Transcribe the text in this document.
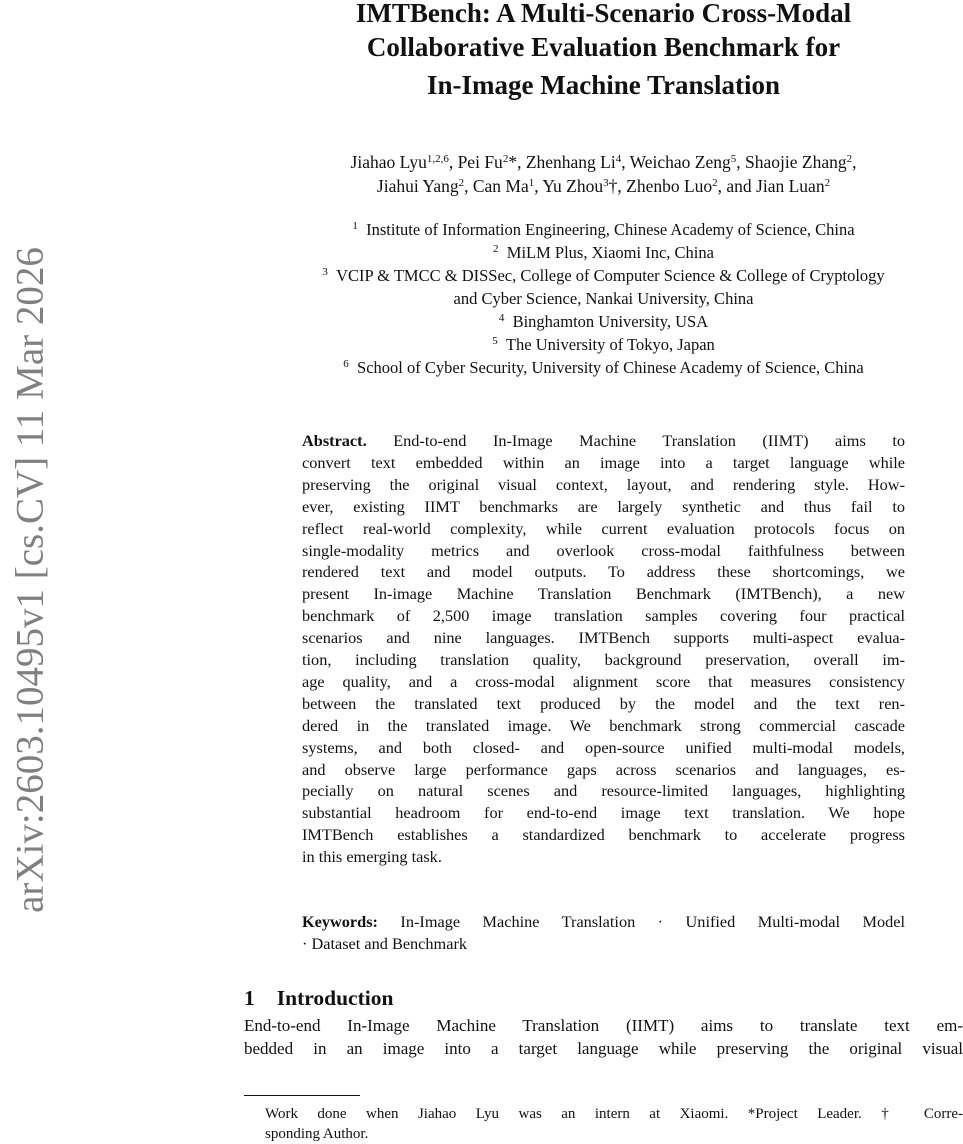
arXiv:2603.10495v1 [cs.CV] 11 Mar 2026
IMTBench: A Multi-Scenario Cross-Modal
Collaborative Evaluation Benchmark for
In-Image Machine Translation
Jiahao Lyu$^{1,2,6}$, Pei Fu$^2$*, Zhenhang Li$^4$, Weichao Zeng$^5$, Shaojie Zhang$^2$,
Jiahui Yang$^2$, Can Ma$^1$, Yu Zhou$^3$†, Zhenbo Luo$^2$, and Jian Luan$^2$
$^1$  Institute of Information Engineering, Chinese Academy of Science, China
$^2$  MiLM Plus, Xiaomi Inc, China
$^3$  VCIP & TMCC & DISSec, College of Computer Science & College of Cryptology
and Cyber Science, Nankai University, China
$^4$  Binghamton University, USA
$^5$  The University of Tokyo, Japan
$^6$  School of Cyber Security, University of Chinese Academy of Science, China
Abstract. End-to-end In-Image Machine Translation (IIMT) aims to
convert text embedded within an image into a target language while
preserving the original visual context, layout, and rendering style. How-
ever, existing IIMT benchmarks are largely synthetic and thus fail to
reflect real-world complexity, while current evaluation protocols focus on
single-modality metrics and overlook cross-modal faithfulness between
rendered text and model outputs. To address these shortcomings, we
present In-image Machine Translation Benchmark (IMTBench), a new
benchmark of 2,500 image translation samples covering four practical
scenarios and nine languages. IMTBench supports multi-aspect evalua-
tion, including translation quality, background preservation, overall im-
age quality, and a cross-modal alignment score that measures consistency
between the translated text produced by the model and the text ren-
dered in the translated image. We benchmark strong commercial cascade
systems, and both closed- and open-source unified multi-modal models,
and observe large performance gaps across scenarios and languages, es-
pecially on natural scenes and resource-limited languages, highlighting
substantial headroom for end-to-end image text translation. We hope
IMTBench establishes a standardized benchmark to accelerate progress
in this emerging task.
Keywords: In-Image Machine Translation · Unified Multi-modal Model
· Dataset and Benchmark
1 Introduction
End-to-end In-Image Machine Translation (IIMT) aims to translate text em-
bedded in an image into a target language while preserving the original visual
Work done when Jiahao Lyu was an intern at Xiaomi. *Project Leader. † Corre-
sponding Author.
